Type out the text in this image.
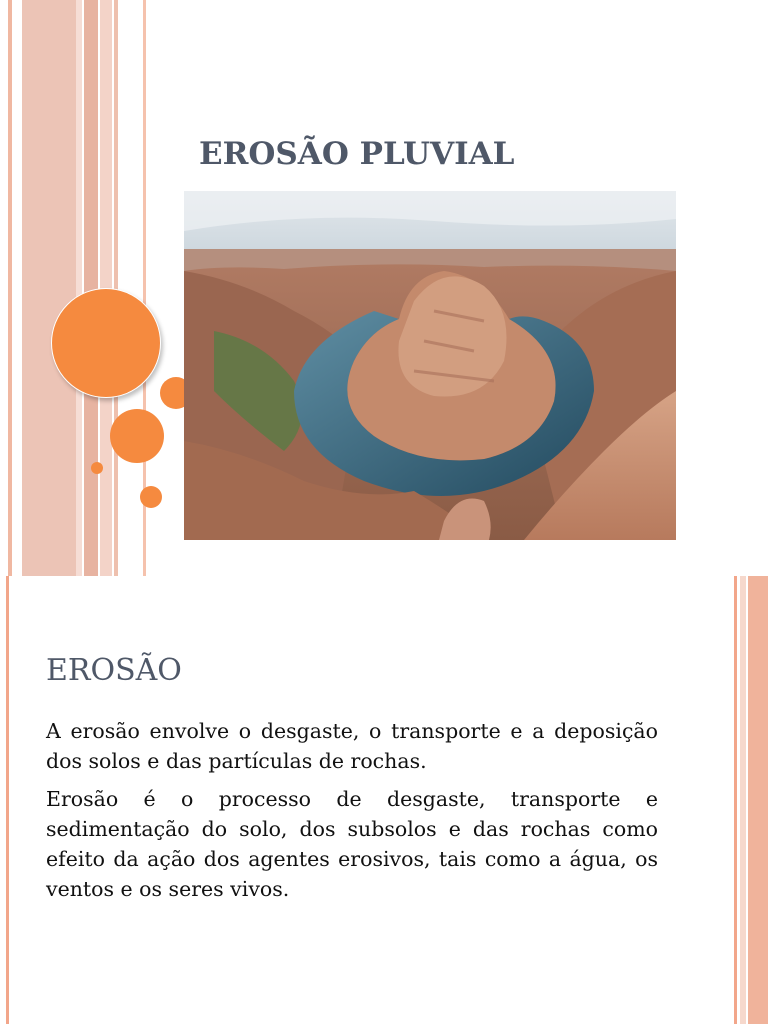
EROSÃO PLUVIAL
EROSÃO

A erosão envolve o desgaste, o transporte e a deposição dos solos e das partículas de rochas.

Erosão é o processo de desgaste, transporte e sedimentação do solo, dos subsolos e das rochas como efeito da ação dos agentes erosivos, tais como a água, os ventos e os seres vivos.
